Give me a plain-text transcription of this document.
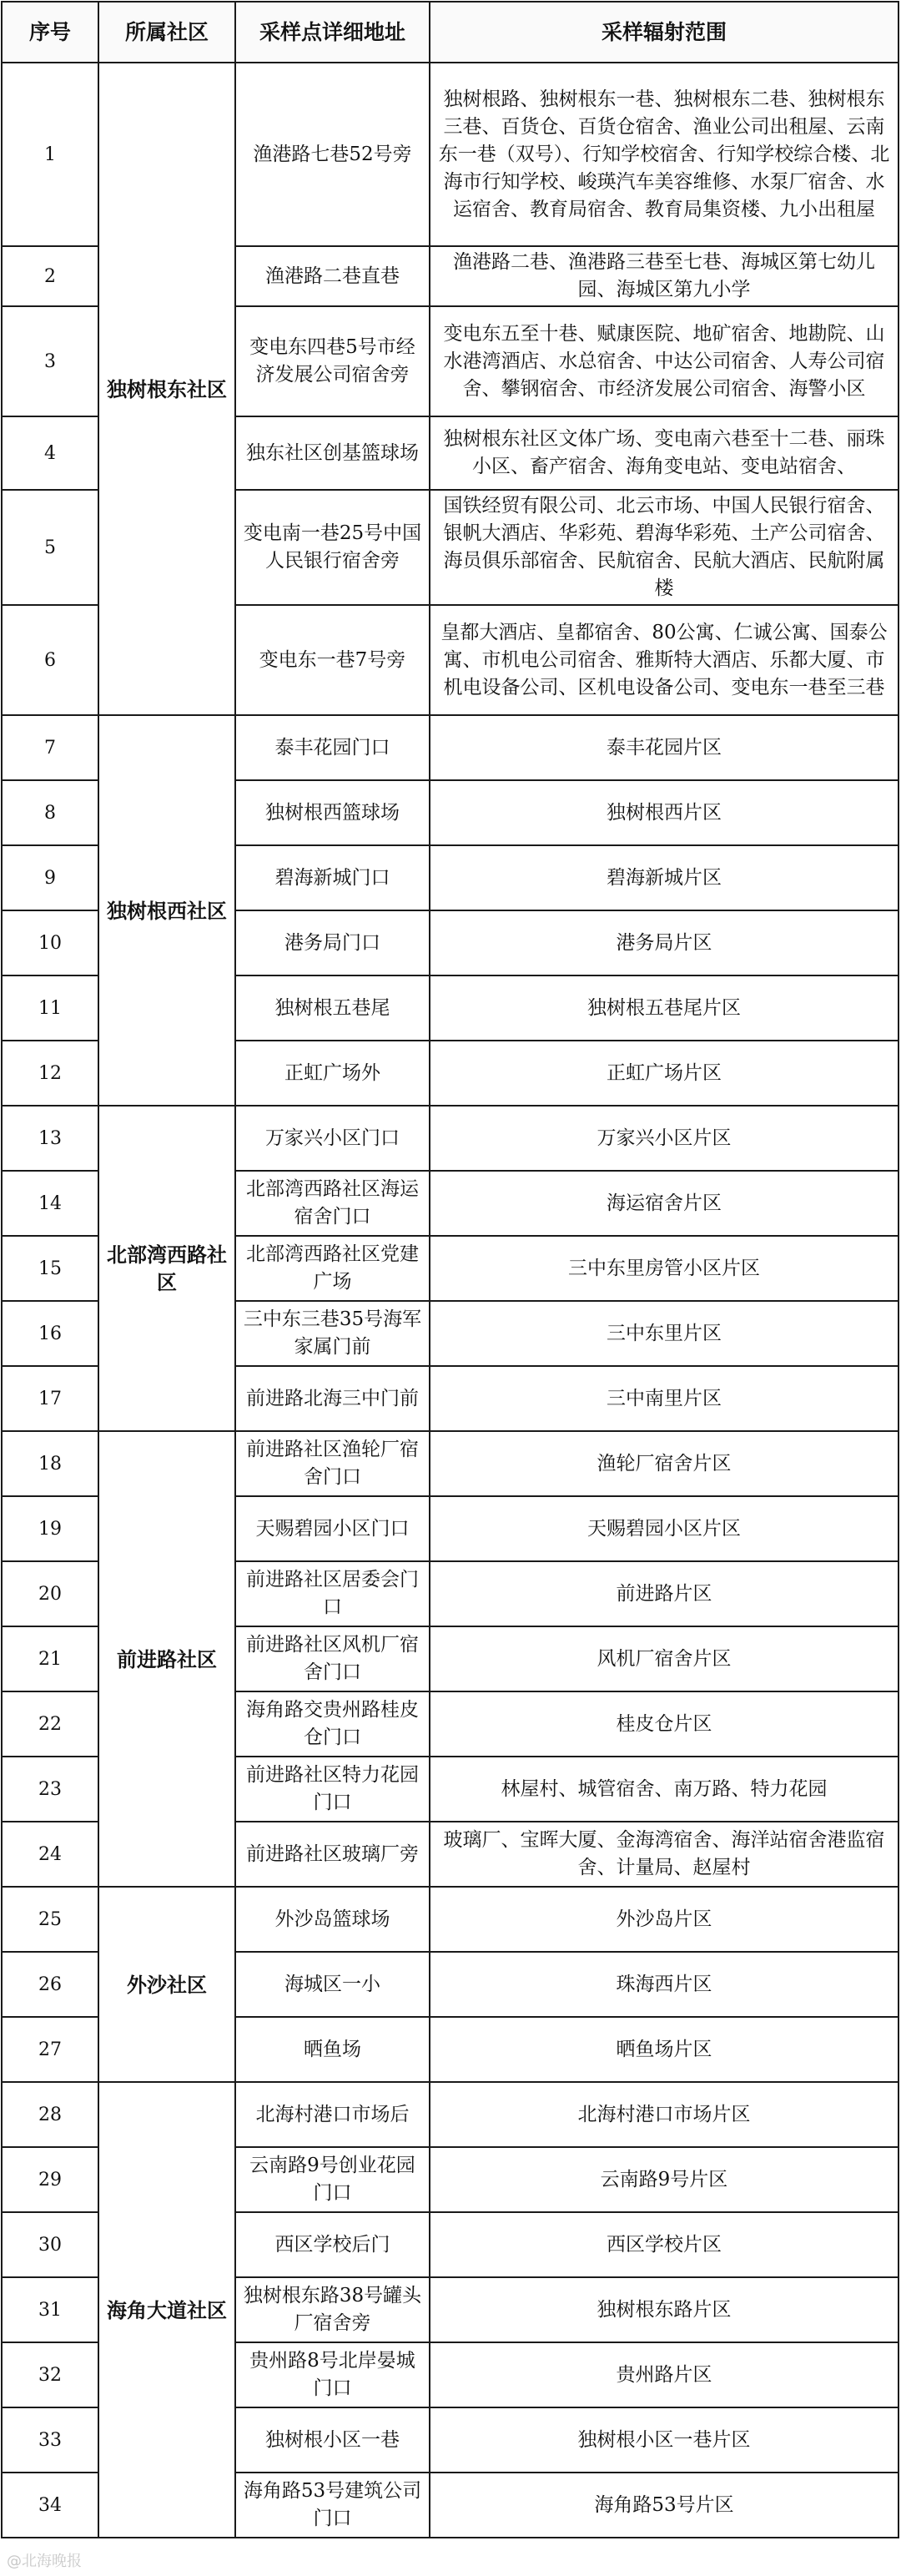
序号	所属社区	采样点详细地址	采样辐射范围
1	独树根东社区	渔港路七巷52号旁	独树根路、独树根东一巷、独树根东二巷、独树根东三巷、百货仓、百货仓宿舍、渔业公司出租屋、云南东一巷（双号）、行知学校宿舍、行知学校综合楼、北海市行知学校、峻瑛汽车美容维修、水泵厂宿舍、水运宿舍、教育局宿舍、教育局集资楼、九小出租屋
2		渔港路二巷直巷	渔港路二巷、渔港路三巷至七巷、海城区第七幼儿园、海城区第九小学
3		变电东四巷5号市经济发展公司宿舍旁	变电东五至十巷、赋康医院、地矿宿舍、地勘院、山水港湾酒店、水总宿舍、中达公司宿舍、人寿公司宿舍、攀钢宿舍、市经济发展公司宿舍、海警小区
4		独东社区创基篮球场	独树根东社区文体广场、变电南六巷至十二巷、丽珠小区、畜产宿舍、海角变电站、变电站宿舍、
5		变电南一巷25号中国人民银行宿舍旁	国铁经贸有限公司、北云市场、中国人民银行宿舍、银帆大酒店、华彩苑、碧海华彩苑、土产公司宿舍、海员俱乐部宿舍、民航宿舍、民航大酒店、民航附属楼
6		变电东一巷7号旁	皇都大酒店、皇都宿舍、80公寓、仁诚公寓、国泰公寓、市机电公司宿舍、雅斯特大酒店、乐都大厦、市机电设备公司、区机电设备公司、变电东一巷至三巷
7	独树根西社区	泰丰花园门口	泰丰花园片区
8		独树根西篮球场	独树根西片区
9		碧海新城门口	碧海新城片区
10		港务局门口	港务局片区
11		独树根五巷尾	独树根五巷尾片区
12		正虹广场外	正虹广场片区
13	北部湾西路社区	万家兴小区门口	万家兴小区片区
14		北部湾西路社区海运宿舍门口	海运宿舍片区
15		北部湾西路社区党建广场	三中东里房管小区片区
16		三中东三巷35号海军家属门前	三中东里片区
17		前进路北海三中门前	三中南里片区
18	前进路社区	前进路社区渔轮厂宿舍门口	渔轮厂宿舍片区
19		天赐碧园小区门口	天赐碧园小区片区
20		前进路社区居委会门口	前进路片区
21		前进路社区风机厂宿舍门口	风机厂宿舍片区
22		海角路交贵州路桂皮仓门口	桂皮仓片区
23		前进路社区特力花园门口	林屋村、城管宿舍、南万路、特力花园
24		前进路社区玻璃厂旁	玻璃厂、宝晖大厦、金海湾宿舍、海洋站宿舍港监宿舍、计量局、赵屋村
25	外沙社区	外沙岛篮球场	外沙岛片区
26		海城区一小	珠海西片区
27		晒鱼场	晒鱼场片区
28	海角大道社区	北海村港口市场后	北海村港口市场片区
29		云南路9号创业花园门口	云南路9号片区
30		西区学校后门	西区学校片区
31		独树根东路38号罐头厂宿舍旁	独树根东路片区
32		贵州路8号北岸晏城门口	贵州路片区
33		独树根小区一巷	独树根小区一巷片区
34		海角路53号建筑公司门口	海角路53号片区
@北海晚报
